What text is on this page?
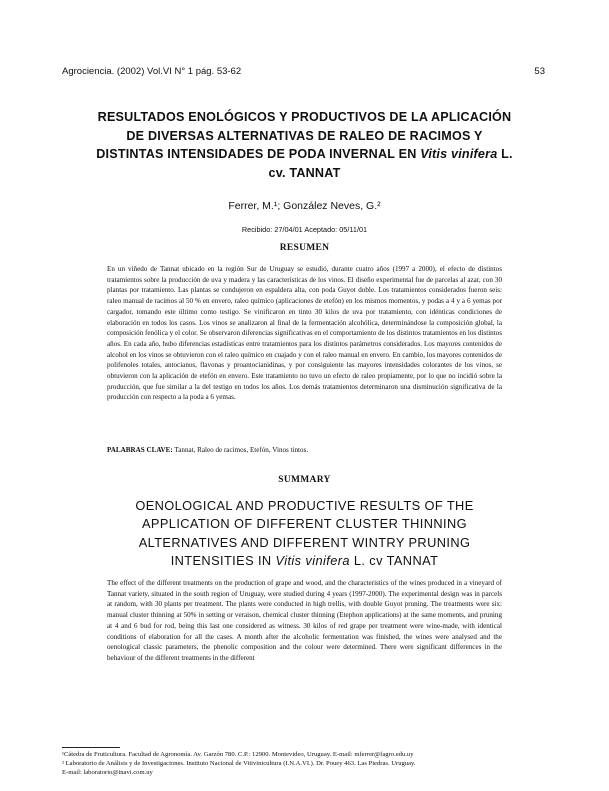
Agrociencia. (2002) Vol.VI N° 1 pág. 53-62	53
RESULTADOS ENOLÓGICOS Y PRODUCTIVOS DE LA APLICACIÓN
DE DIVERSAS ALTERNATIVAS DE RALEO DE RACIMOS Y
DISTINTAS INTENSIDADES DE PODA INVERNAL EN Vitis vinifera L.
cv. TANNAT
Ferrer, M.¹; González Neves, G.²
Recibido: 27/04/01 Aceptado: 05/11/01
RESUMEN
En un viñedo de Tannat ubicado en la región Sur de Uruguay se estudió, durante cuatro años (1997 a 2000), el efecto de distintos tratamientos sobre la producción de uva y madera y las características de los vinos. El diseño experimental fue de parcelas al azar, con 30 plantas por tratamiento. Las plantas se condujeron en espaldera alta, con poda Guyot doble. Los tratamientos considerados fueron seis: raleo manual de racimos al 50 % en envero, raleo químico (aplicaciones de etefón) en los mismos momentos, y podas a 4 y a 6 yemas por cargador, tomando este último como testigo. Se vinificaron en tinto 30 kilos de uva por tratamiento, con idénticas condiciones de elaboración en todos los casos. Los vinos se analizaron al final de la fermentación alcohólica, determinándose la composición global, la composición fenólica y el color. Se observaron diferencias significativas en el comportamiento de los distintos tratamientos en los distintos años. En cada año, hubo diferencias estadísticas entre tratamientos para los distintos parámetros considerados. Los mayores contenidos de alcohol en los vinos se obtuvieron con el raleo químico en cuajado y con el raleo manual en envero. En cambio, los mayores contenidos de polifenoles totales, antocianos, flavonas y proantocianidinas, y por consiguiente las mayores intensidades colorantes de los vinos, se obtuvieron con la aplicación de etefón en envero. Este tratamiento no tuvo un efecto de raleo propiamente, por lo que no incidió sobre la producción, que fue similar a la del testigo en todos los años. Los demás tratamientos determinaron una disminución significativa de la producción con respecto a la poda a 6 yemas.
PALABRAS CLAVE: Tannat, Raleo de racimos, Etefón, Vinos tintos.
SUMMARY
OENOLOGICAL AND PRODUCTIVE RESULTS OF THE
APPLICATION OF DIFFERENT CLUSTER THINNING
ALTERNATIVES AND DIFFERENT WINTRY PRUNING
INTENSITIES IN Vitis vinifera L. cv TANNAT
The effect of the different treatments on the production of grape and wood, and the characteristics of the wines produced in a vineyard of Tannat variety, situated in the south region of Uruguay, were studied during 4 years (1997-2000). The experimental design was in parcels at random, with 30 plants per treatment. The plants were conducted in high trellis, with double Guyot pruning. The treatments were six: manual cluster thinning at 50% in setting or veraison, chemical cluster thinning (Etephon applications) at the same moments, and pruning at 4 and 6 bud for rod, being this last one considered as witness. 30 kilos of red grape per treatment were wine-made, with identical conditions of elaboration for all the cases. A month after the alcoholic fermentation was finished, the wines were analysed and the oenological classic parameters, the phenolic composition and the colour were determined. There were significant differences in the behaviour of the different treatments in the different
¹Cátedra de Fruticultura. Facultad de Agronomía. Av. Garzón 780. C.P.: 12900. Montevideo, Uruguay. E-mail: mferrer@fagro.edu.uy
² Laboratorio de Análisis y de Investigaciones. Instituto Nacional de Vitivinicultura (I.N.A.VI.). Dr. Pouey 463. Las Piedras. Uruguay.
E-mail: laboratorio@inavi.com.uy
